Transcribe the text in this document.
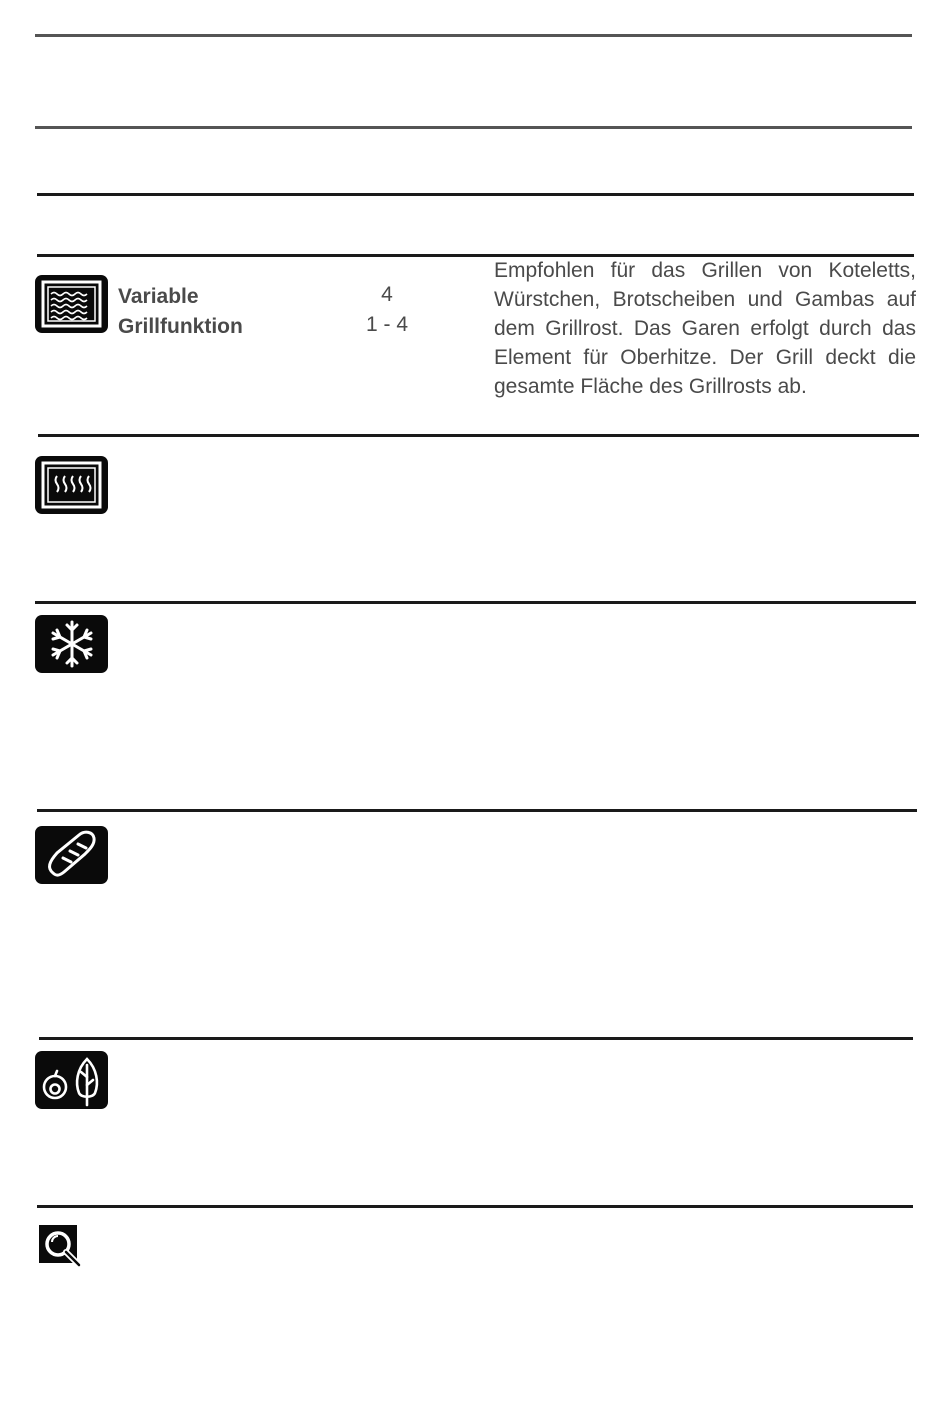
Variable
Grillfunktion
4
1 - 4
Empfohlen für das Grillen von Koteletts, Würstchen, Brotscheiben und Gambas auf dem Grillrost. Das Garen erfolgt durch das Element für Oberhitze. Der Grill deckt die gesamte Fläche des Grillrosts ab.
